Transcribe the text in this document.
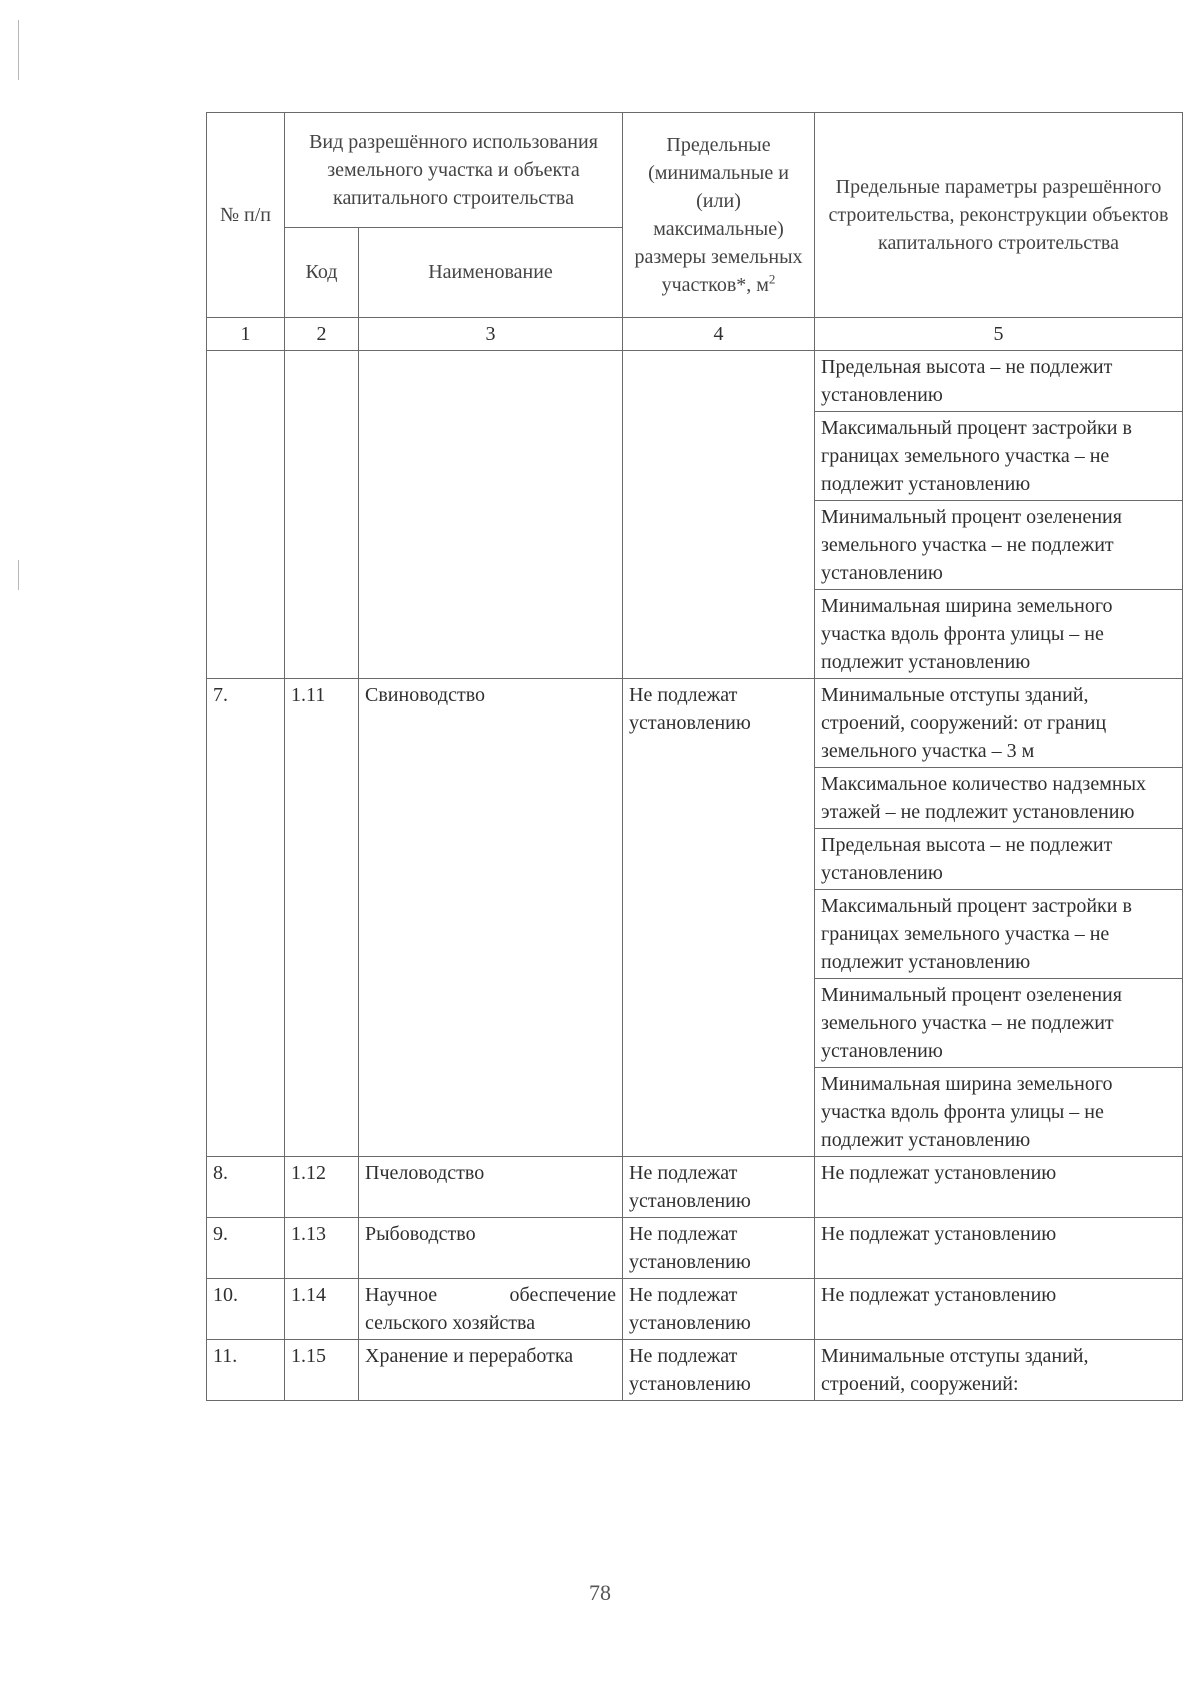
№ п/п	Вид разрешённого использования земельного участка и объекта капитального строительства		Предельные (минимальные и (или) максимальные) размеры земельных участков*, $м^2$	Предельные параметры разрешённого строительства, реконструкции объектов капитального строительства
	Код	Наименование		
1	2	3	4	5
				Предельная высота – не подлежит установлению
				Максимальный процент застройки в границах земельного участка – не подлежит установлению
				Минимальный процент озеленения земельного участка – не подлежит установлению
				Минимальная ширина земельного участка вдоль фронта улицы – не подлежит установлению
7.	1.11	Свиноводство	Не подлежат установлению	Минимальные отступы зданий, строений, сооружений: от границ земельного участка – 3 м
				Максимальное количество надземных этажей – не подлежит установлению
				Предельная высота – не подлежит установлению
				Максимальный процент застройки в границах земельного участка – не подлежит установлению
				Минимальный процент озеленения земельного участка – не подлежит установлению
				Минимальная ширина земельного участка вдоль фронта улицы – не подлежит установлению
8.	1.12	Пчеловодство	Не подлежат установлению	Не подлежат установлению
9.	1.13	Рыбоводство	Не подлежат установлению	Не подлежат установлению
10.	1.14	Научное обеспечение сельского хозяйства	Не подлежат установлению	Не подлежат установлению
11.	1.15	Хранение и переработка	Не подлежат установлению	Минимальные отступы зданий, строений, сооружений:
78
